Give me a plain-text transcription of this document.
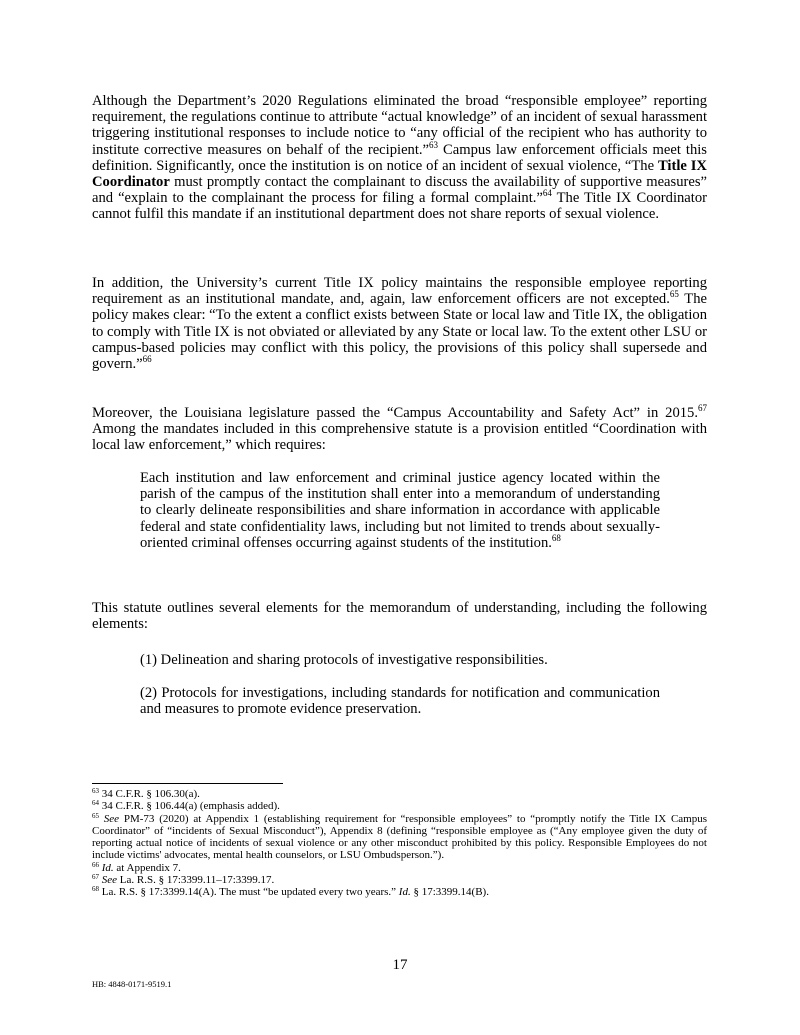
Although the Department’s 2020 Regulations eliminated the broad “responsible employee” reporting requirement, the regulations continue to attribute “actual knowledge” of an incident of sexual harassment triggering institutional responses to include notice to “any official of the recipient who has authority to institute corrective measures on behalf of the recipient.”$^{63}$ Campus law enforcement officials meet this definition. Significantly, once the institution is on notice of an incident of sexual violence, “The Title IX Coordinator must promptly contact the complainant to discuss the availability of supportive measures” and “explain to the complainant the process for filing a formal complaint.”$^{64}$ The Title IX Coordinator cannot fulfil this mandate if an institutional department does not share reports of sexual violence.

In addition, the University’s current Title IX policy maintains the responsible employee reporting requirement as an institutional mandate, and, again, law enforcement officers are not excepted.$^{65}$ The policy makes clear: “To the extent a conflict exists between State or local law and Title IX, the obligation to comply with Title IX is not obviated or alleviated by any State or local law. To the extent other LSU or campus-based policies may conflict with this policy, the provisions of this policy shall supersede and govern.”$^{66}$

Moreover, the Louisiana legislature passed the “Campus Accountability and Safety Act” in 2015.67 Among the mandates included in this comprehensive statute is a provision entitled “Coordination with local law enforcement,” which requires:

Each institution and law enforcement and criminal justice agency located within the parish of the campus of the institution shall enter into a memorandum of understanding to clearly delineate responsibilities and share information in accordance with applicable federal and state confidentiality laws, including but not limited to trends about sexually-oriented criminal offenses occurring against students of the institution.$^{68}$

This statute outlines several elements for the memorandum of understanding, including the following elements:

(1) Delineation and sharing protocols of investigative responsibilities.

(2) Protocols for investigations, including standards for notification and communication and measures to promote evidence preservation.

$^{63}$ 34 C.F.R. § 106.30(a).
$^{64}$ 34 C.F.R. § 106.44(a) (emphasis added).
$^{65}$ See PM-73 (2020) at Appendix 1 (establishing requirement for “responsible employees” to “promptly notify the Title IX Campus Coordinator” of “incidents of Sexual Misconduct”), Appendix 8 (defining “responsible employee as (“Any employee given the duty of reporting actual notice of incidents of sexual violence or any other misconduct prohibited by this policy. Responsible Employees do not include victims' advocates, mental health counselors, or LSU Ombudsperson.”).
$^{66}$ Id. at Appendix 7.
$^{67}$ See La. R.S. § 17:3399.11–17:3399.17.
$^{68}$ La. R.S. § 17:3399.14(A). The must “be updated every two years.” Id. § 17:3399.14(B).
17
HB: 4848-0171-9519.1
